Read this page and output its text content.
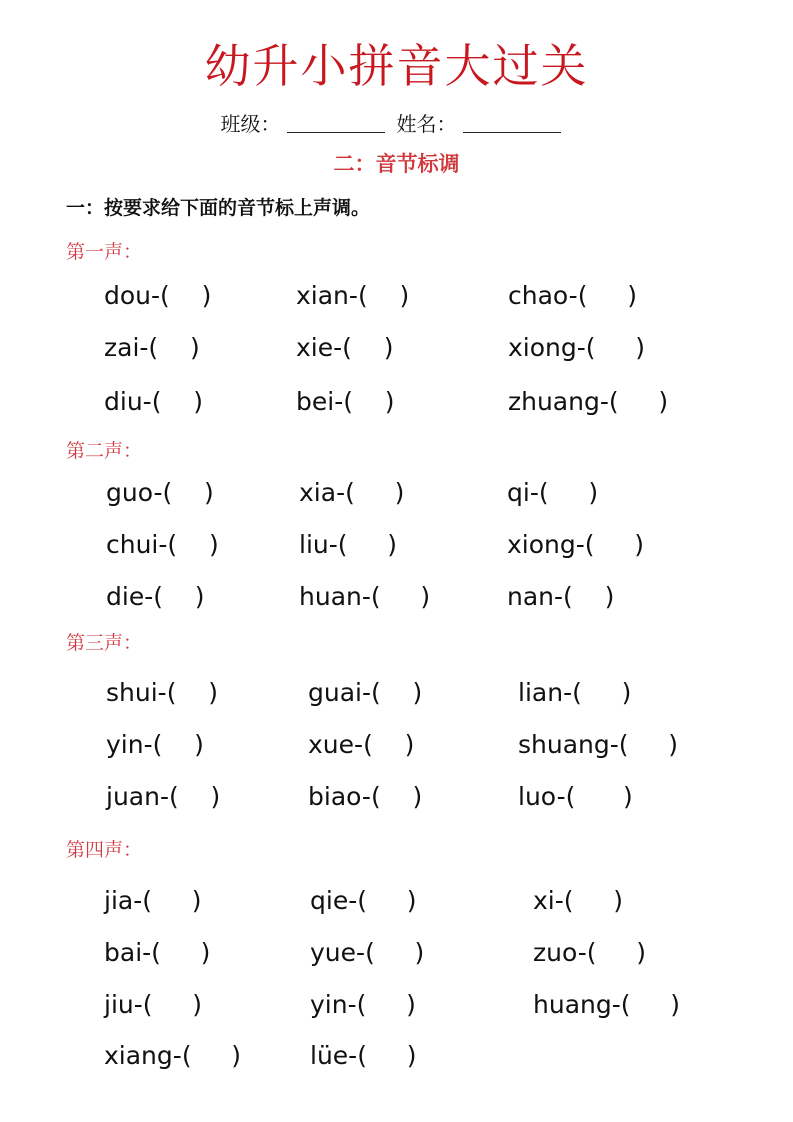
幼升小拼音大过关
班级：	姓名：
二：音节标调
一：按要求给下面的音节标上声调。
第一声：
dou-(    )	xian-(    )	chao-(     )
zai-(    )	xie-(    )	xiong-(     )
diu-(    )	bei-(    )	zhuang-(     )
第二声：
guo-(    )	xia-(     )	qi-(     )
chui-(    )	liu-(     )	xiong-(     )
die-(    )	huan-(     )	nan-(    )
第三声：
shui-(    )	guai-(    )	lian-(     )
yin-(    )	xue-(    )	shuang-(     )
juan-(    )	biao-(    )	luo-(      )
第四声：
jia-(     )	qie-(     )	xi-(     )
bai-(     )	yue-(     )	zuo-(     )
jiu-(     )	yin-(     )	huang-(     )
xiang-(     )	lüe-(     )
